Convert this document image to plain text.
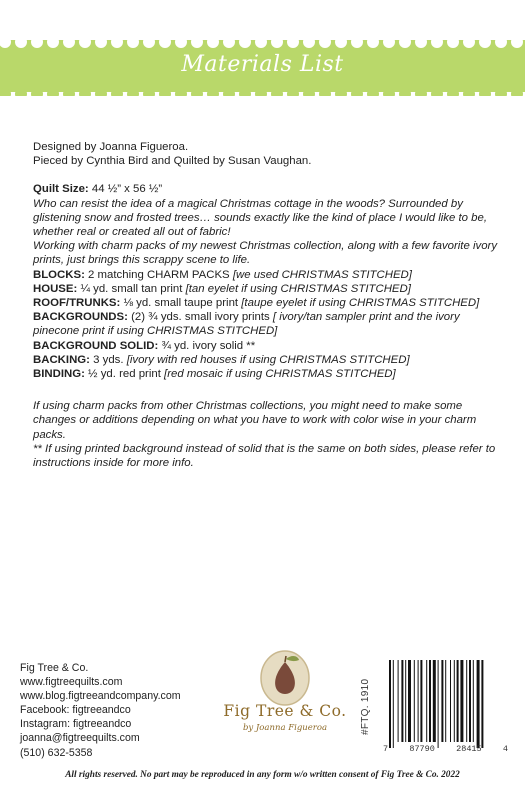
Materials List

Designed by Joanna Figueroa.

Pieced by Cynthia Bird and Quilted by Susan Vaughan.

Quilt Size: 44 ½” x 56 ½”

Who can resist the idea of a magical Christmas cottage in the woods? Surrounded by glistening snow and frosted trees… sounds exactly like the kind of place I would like to be, whether real or created all out of fabric!

Working with charm packs of my newest Christmas collection, along with a few favorite ivory prints, just brings this scrappy scene to life.

BLOCKS: 2 matching CHARM PACKS [we used CHRISTMAS STITCHED]

HOUSE: ¼ yd. small tan print [tan eyelet if using CHRISTMAS STITCHED]

ROOF/TRUNKS: ⅛ yd. small taupe print [taupe eyelet if using CHRISTMAS STITCHED]

BACKGROUNDS: (2) ¾ yds. small ivory prints [ ivory/tan sampler print and the ivory pinecone print if using CHRISTMAS STITCHED]

BACKGROUND SOLID: ¾ yd. ivory solid **

BACKING: 3 yds. [ivory with red houses if using CHRISTMAS STITCHED]

BINDING: ½ yd. red print [red mosaic if using CHRISTMAS STITCHED]

If using charm packs from other Christmas collections, you might need to make some changes or additions depending on what you have to work with color wise in your charm packs.

** If using printed background instead of solid that is the same on both sides, please refer to instructions inside for more info.

Fig Tree & Co.

www.figtreequilts.com

www.blog.figtreeandcompany.com

Facebook: figtreeandco

Instagram: figtreeandco

joanna@figtreequilts.com

(510) 632-5358

Fig Tree & Co.
by Joanna Figueroa	#FTQ. 1910
7	87790	28415	4
All rights reserved. No part may be reproduced in any form w/o written consent of Fig Tree & Co. 2022
